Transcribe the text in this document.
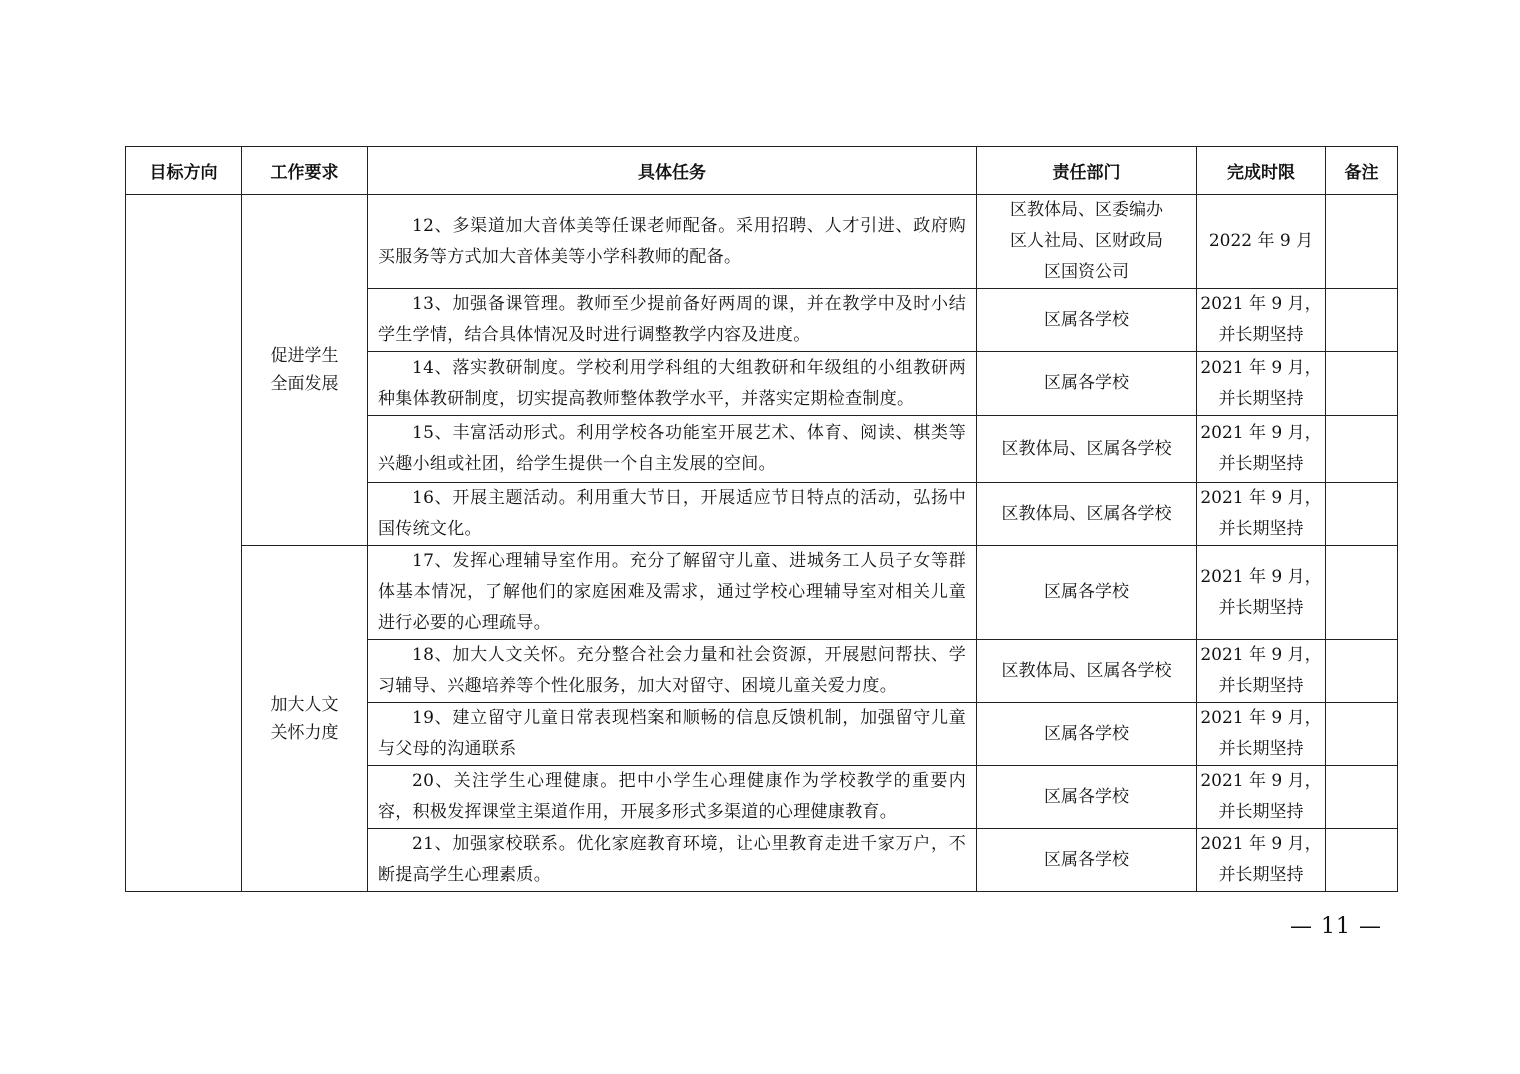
目标方向	工作要求	具体任务	责任部门	完成时限	备注

	促进学生
全面发展	12、多渠道加大音体美等任课老师配备。采用招聘、人才引进、政府购买服务等方式加大音体美等小学科教师的配备。	区教体局、区委编办
区人社局、区财政局
区国资公司	2022 年 9 月	

		13、加强备课管理。教师至少提前备好两周的课，并在教学中及时小结学生学情，结合具体情况及时进行调整教学内容及进度。	区属各学校	2021 年 9 月，
并长期坚持	

		14、落实教研制度。学校利用学科组的大组教研和年级组的小组教研两种集体教研制度，切实提高教师整体教学水平，并落实定期检查制度。	区属各学校	2021 年 9 月，
并长期坚持	

		15、丰富活动形式。利用学校各功能室开展艺术、体育、阅读、棋类等兴趣小组或社团，给学生提供一个自主发展的空间。	区教体局、区属各学校	2021 年 9 月，
并长期坚持	

		16、开展主题活动。利用重大节日，开展适应节日特点的活动，弘扬中国传统文化。	区教体局、区属各学校	2021 年 9 月，
并长期坚持	

	加大人文
关怀力度	17、发挥心理辅导室作用。充分了解留守儿童、进城务工人员子女等群体基本情况，了解他们的家庭困难及需求，通过学校心理辅导室对相关儿童进行必要的心理疏导。	区属各学校	2021 年 9 月，
并长期坚持	

		18、加大人文关怀。充分整合社会力量和社会资源，开展慰问帮扶、学习辅导、兴趣培养等个性化服务，加大对留守、困境儿童关爱力度。	区教体局、区属各学校	2021 年 9 月，
并长期坚持	

		19、建立留守儿童日常表现档案和顺畅的信息反馈机制，加强留守儿童与父母的沟通联系	区属各学校	2021 年 9 月，
并长期坚持	

		20、关注学生心理健康。把中小学生心理健康作为学校教学的重要内容，积极发挥课堂主渠道作用，开展多形式多渠道的心理健康教育。	区属各学校	2021 年 9 月，
并长期坚持	

		21、加强家校联系。优化家庭教育环境，让心里教育走进千家万户，不断提高学生心理素质。	区属各学校	2021 年 9 月，
并长期坚持	

— 11 —
